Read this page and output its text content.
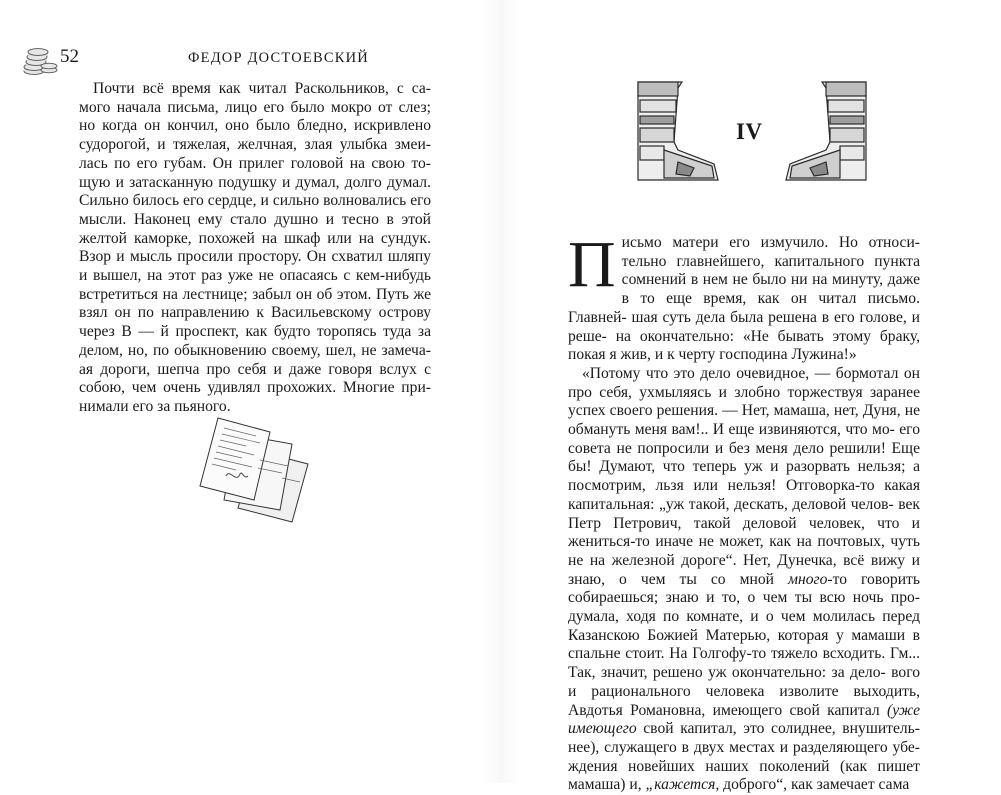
52	ФЕДОР ДОСТОЕВСКИЙ

Почти всё время как читал Раскольников, с са- мого начала письма, лицо его было мокро от слез; но когда он кончил, оно было бледно, искривлено судорогой, и тяжелая, желчная, злая улыбка змеи- лась по его губам. Он прилег головой на свою то- щую и затасканную подушку и думал, долго думал. Сильно билось его сердце, и сильно волновались его мысли. Наконец ему стало душно и тесно в этой желтой каморке, похожей на шкаф или на сундук. Взор и мысль просили простору. Он схватил шляпу и вышел, на этот раз уже не опасаясь с кем-нибудь встретиться на лестнице; забыл он об этом. Путь же взял он по направлению к Васильевскому острову через В — й проспект, как будто торопясь туда за делом, но, по обыкновению своему, шел, не замеча- ая дороги, шепча про себя и даже говоря вслух с собою, чем очень удивлял прохожих. Многие при- нимали его за пьяного.

IV

Письмо матери его измучило. Но относи- тельно главнейшего, капитального пункта сомнений в нем не было ни на минуту, даже в то еще время, как он читал письмо. Главней- шая суть дела была решена в его голове, и реше- на окончательно: «Не бывать этому браку, покая я жив, и к черту господина Лужина!»

«Потому что это дело очевидное, — бормотал он про себя, ухмыляясь и злобно торжествуя заранее успех своего решения. — Нет, мамаша, нет, Дуня, не обмануть меня вам!.. И еще извиняются, что мо- его совета не попросили и без меня дело решили! Еще бы! Думают, что теперь уж и разорвать нельзя; а посмотрим, льзя или нельзя! Отговорка-то какая капитальная: „уж такой, дескать, деловой челов- век Петр Петрович, такой деловой человек, что и жениться-то иначе не может, как на почтовых, чуть не на железной дороге“. Нет, Дунечка, всё вижу и знаю, о чем ты со мной много-то говорить собираешься; знаю и то, о чем ты всю ночь про- думала, ходя по комнате, и о чем молилась перед Казанскою Божией Матерью, которая у мамаши в спальне стоит. На Голгофу-то тяжело всходить. Гм... Так, значит, решено уж окончательно: за дело- вого и рационального человека изволите выходить, Авдотья Романовна, имеющего свой капитал (уже имеющего свой капитал, это солиднее, внушитель- нее), служащего в двух местах и разделяющего убе- ждения новейших наших поколений (как пишет мамаша) и, „кажется, доброго“, как замечает сама
